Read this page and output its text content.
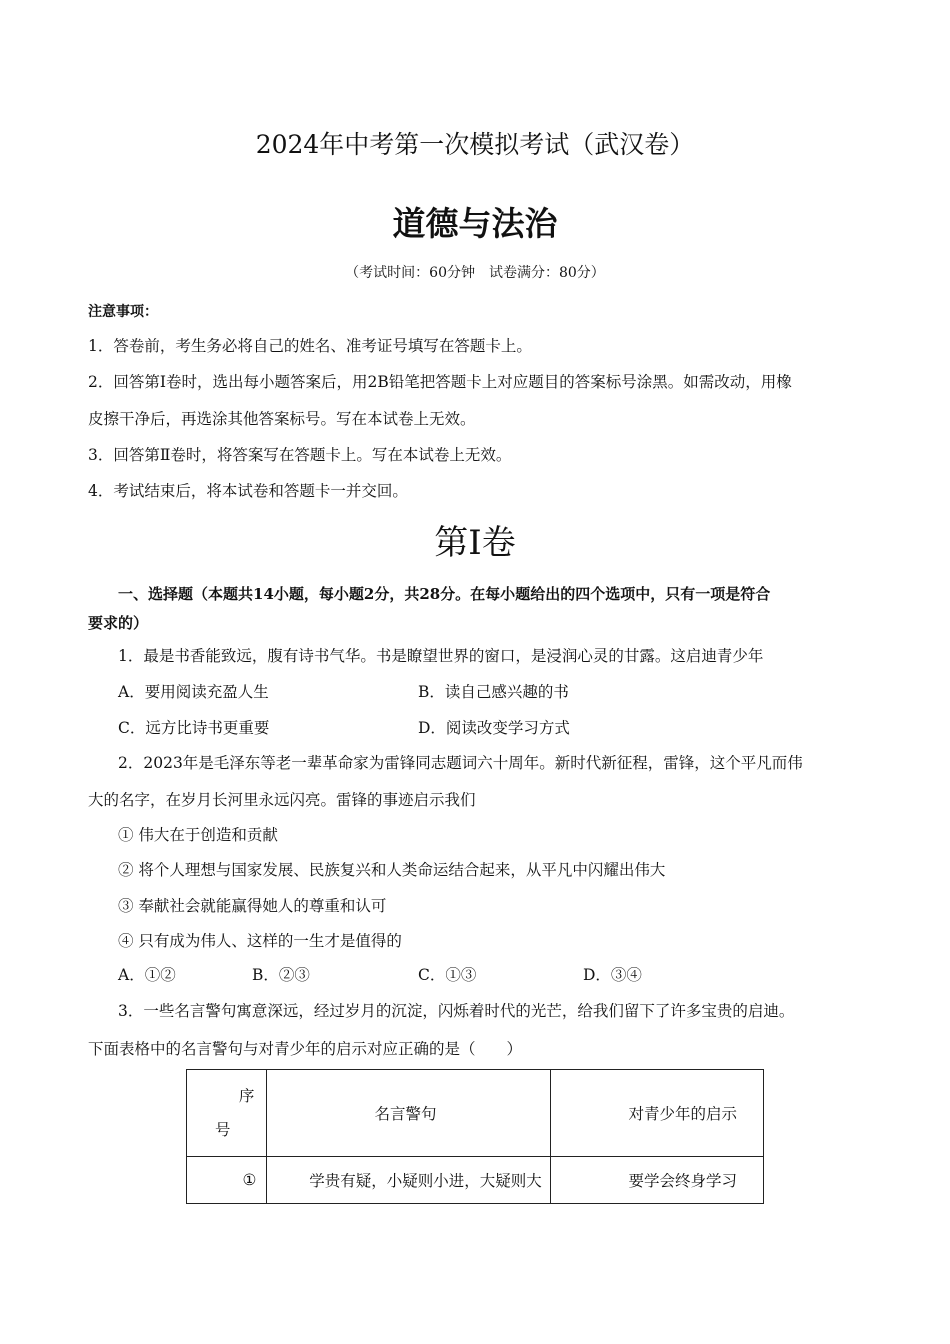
2024年中考第一次模拟考试（武汉卷）
道德与法治
（考试时间：60分钟　试卷满分：80分）
注意事项：
1．答卷前，考生务必将自己的姓名、准考证号填写在答题卡上。
2．回答第Ⅰ卷时，选出每小题答案后，用2B铅笔把答题卡上对应题目的答案标号涂黑。如需改动，用橡
皮擦干净后，再选涂其他答案标号。写在本试卷上无效。
3．回答第Ⅱ卷时，将答案写在答题卡上。写在本试卷上无效。
4．考试结束后，将本试卷和答题卡一并交回。
第Ⅰ卷
一、选择题（本题共14小题，每小题2分，共28分。在每小题给出的四个选项中，只有一项是符合
要求的）
1．最是书香能致远，腹有诗书气华。书是瞭望世界的窗口，是浸润心灵的甘露。这启迪青少年
A．要用阅读充盈人生	B．读自己感兴趣的书
C．远方比诗书更重要	D．阅读改变学习方式
2．2023年是毛泽东等老一辈革命家为雷锋同志题词六十周年。新时代新征程，雷锋，这个平凡而伟
大的名字，在岁月长河里永远闪亮。雷锋的事迹启示我们
① 伟大在于创造和贡献
② 将个人理想与国家发展、民族复兴和人类命运结合起来，从平凡中闪耀出伟大
③ 奉献社会就能赢得她人的尊重和认可
④ 只有成为伟人、这样的一生才是值得的
A．①②	B．②③	C．①③	D．③④
3．一些名言警句寓意深远，经过岁月的沉淀，闪烁着时代的光芒，给我们留下了许多宝贵的启迪。
下面表格中的名言警句与对青少年的启示对应正确的是（　　）
序
号	名言警句	对青少年的启示
①	学贵有疑，小疑则小进，大疑则大	要学会终身学习
